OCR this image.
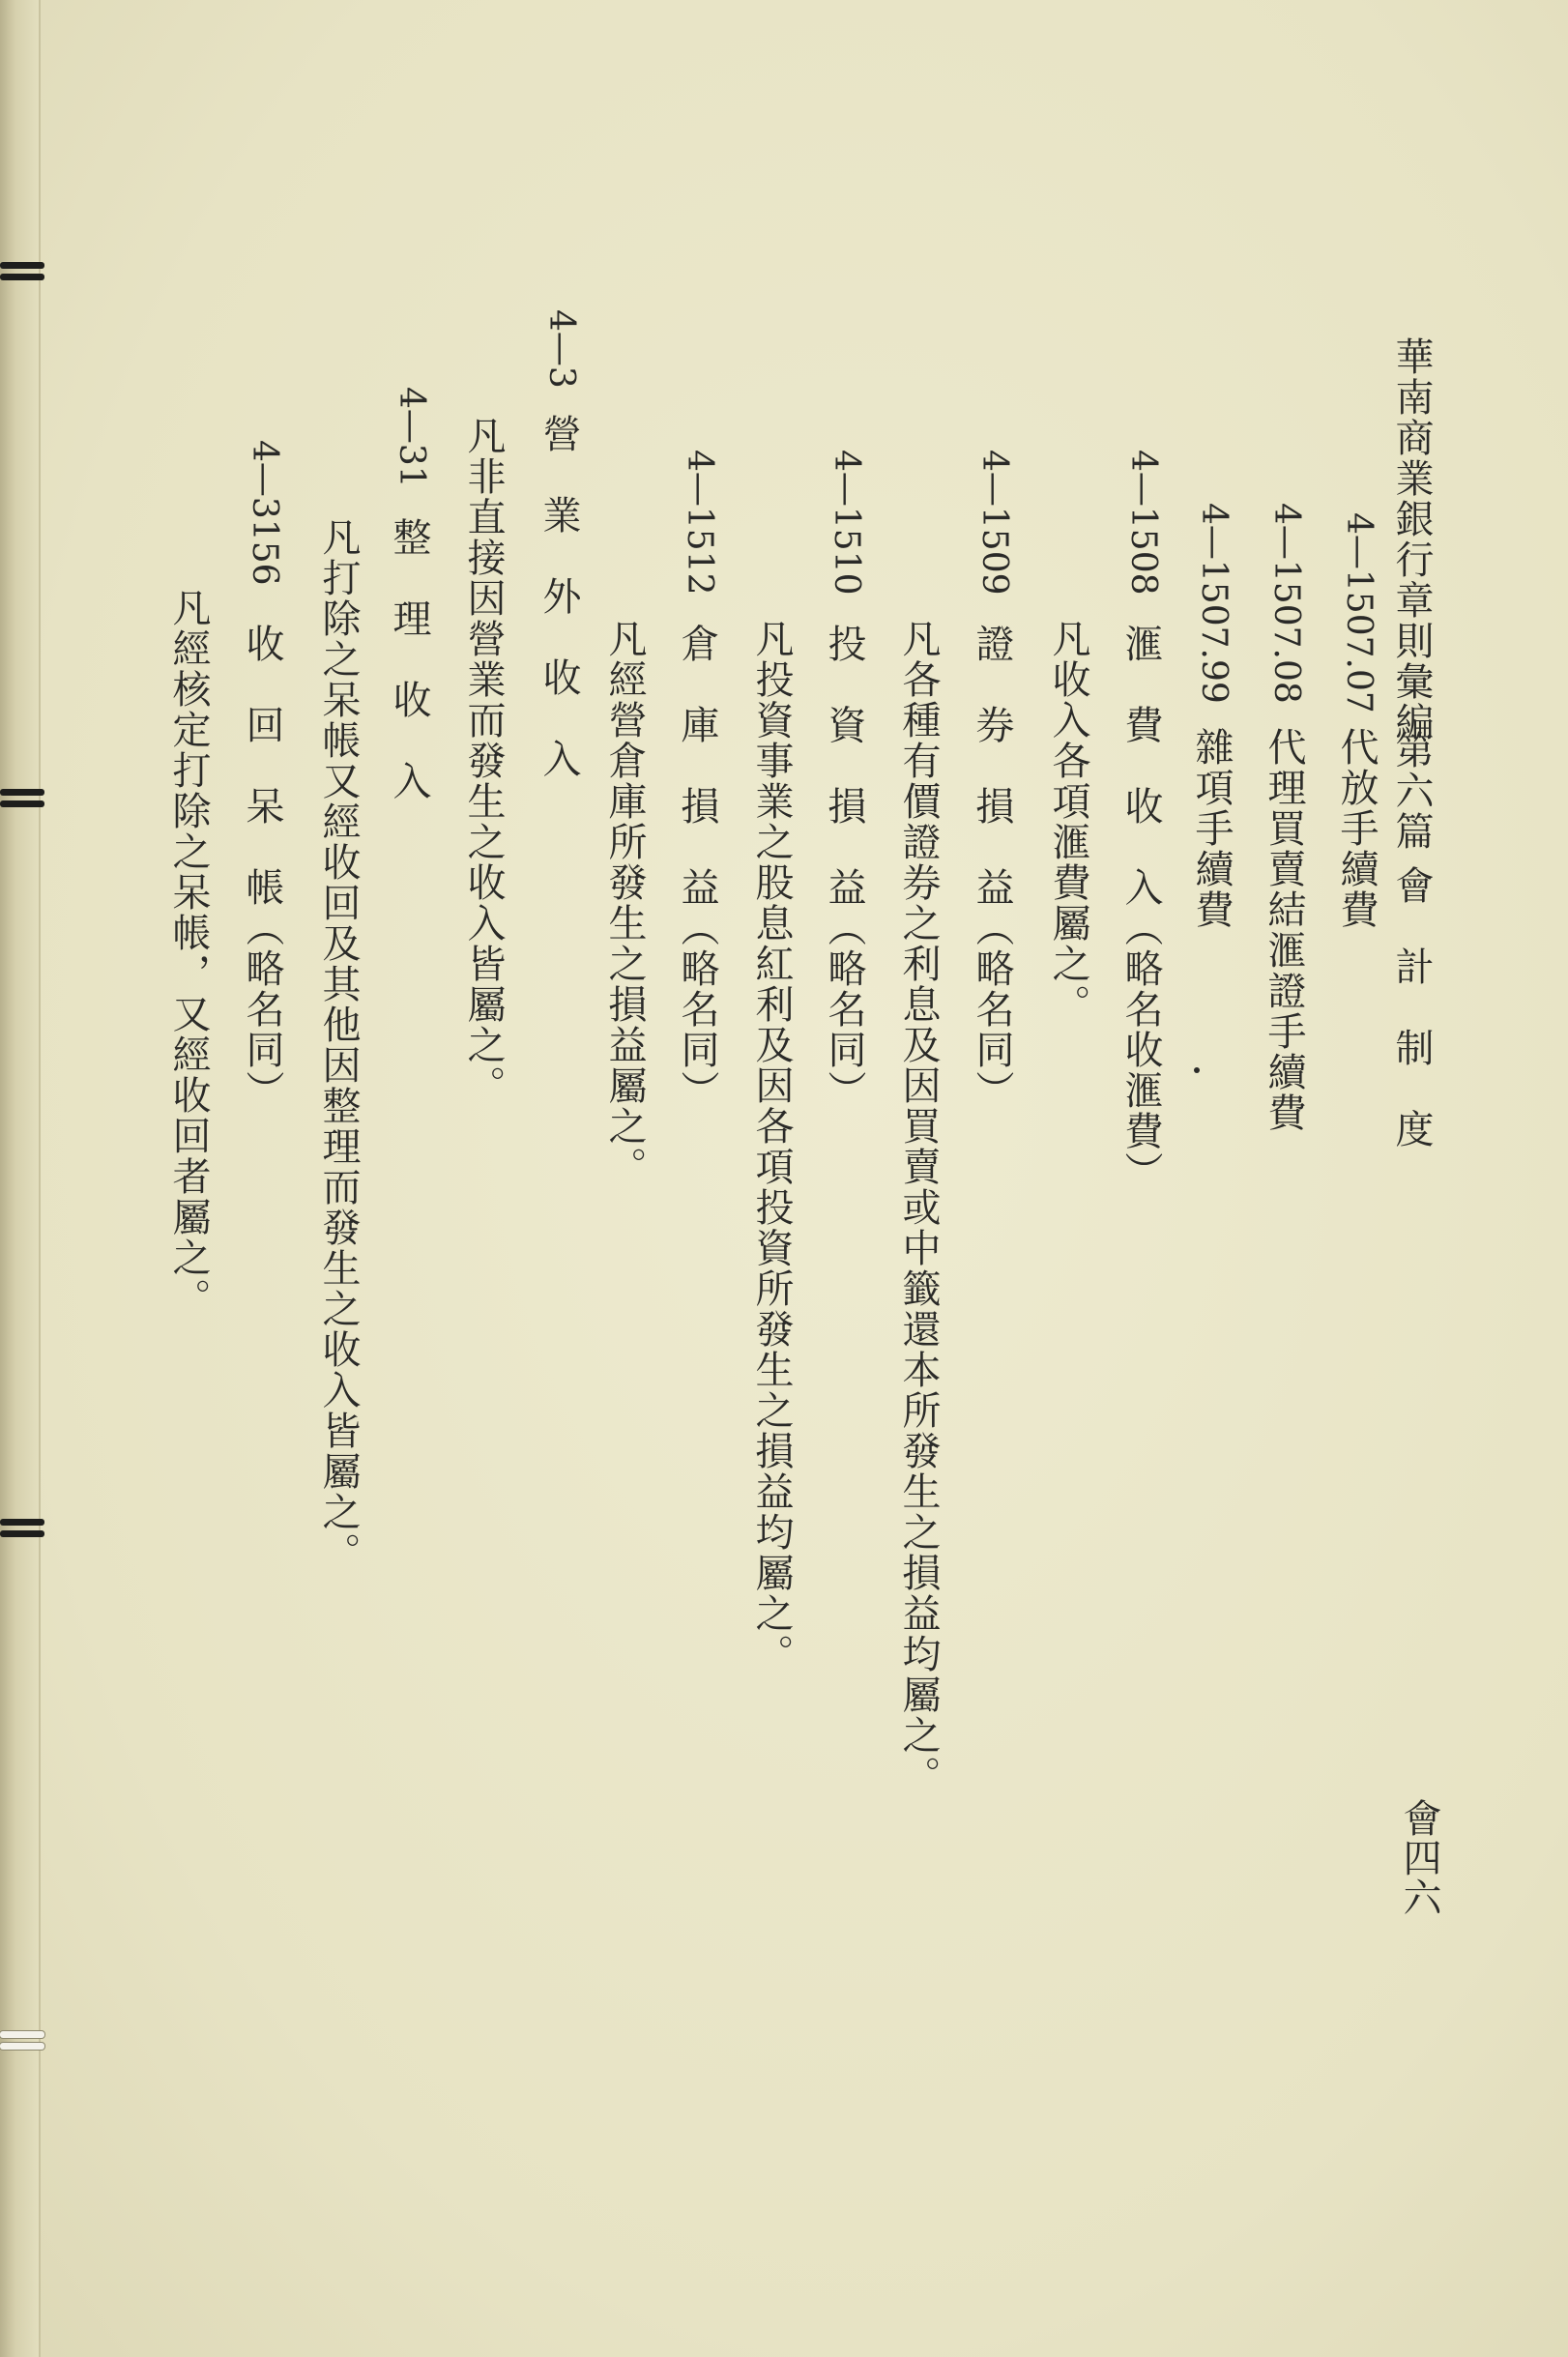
華南商業銀行章則彙編
第六篇
會　計　制　度
會四六
4—1507.07
代放手續費
4—1507.08
代理買賣結滙證手續費
4—1507.99
雜項手續費
4—1508
滙　費　收　入（略名收滙費）
凡收入各項滙費屬之。
4—1509
證　券　損　益（略名同）
凡各種有價證券之利息及因買賣或中籤還本所發生之損益均屬之。
4—1510
投　資　損　益（略名同）
凡投資事業之股息紅利及因各項投資所發生之損益均屬之。
4—1512
倉　庫　損　益（略名同）
凡經營倉庫所發生之損益屬之。
4—3
營　業　外　收　入
凡非直接因營業而發生之收入皆屬之。
4—31
整　理　收　入
凡打除之呆帳又經收回及其他因整理而發生之收入皆屬之。
4—3156
收　回　呆　帳（略名同）
凡經核定打除之呆帳，又經收回者屬之。
